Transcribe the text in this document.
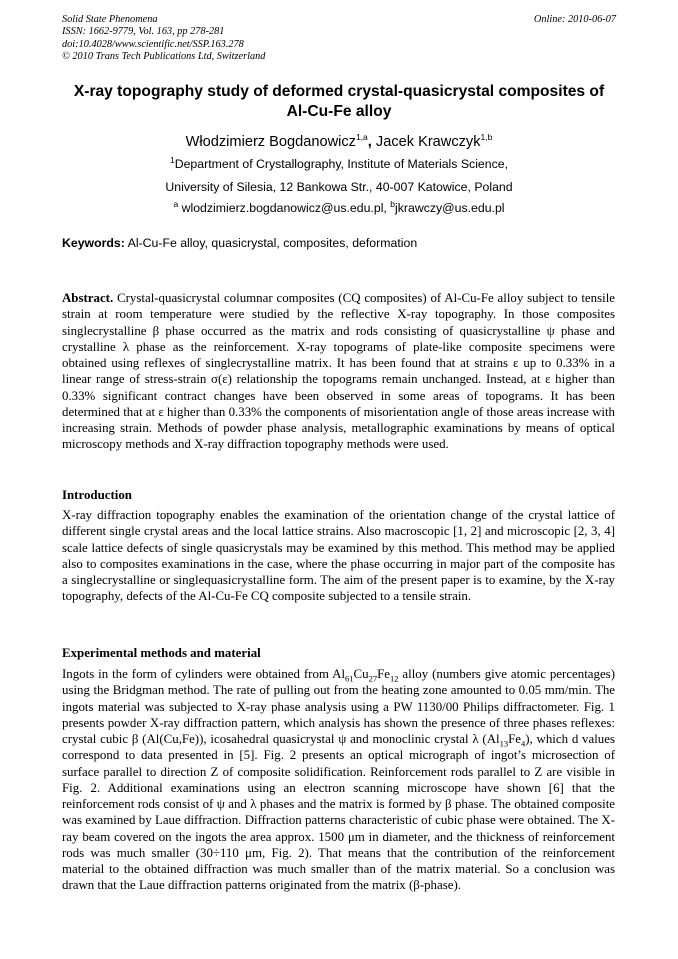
Solid State Phenomena
ISSN: 1662-9779, Vol. 163, pp 278-281
doi:10.4028/www.scientific.net/SSP.163.278
© 2010 Trans Tech Publications Ltd, Switzerland
Online: 2010-06-07
X-ray topography study of deformed crystal-quasicrystal composites of Al-Cu-Fe alloy
Włodzimierz Bogdanowicz$^{1,a}$, Jacek Krawczyk$^{1,b}$
$^1$Department of Crystallography, Institute of Materials Science,
University of Silesia, 12 Bankowa Str., 40-007 Katowice, Poland
$^a$ wlodzimierz.bogdanowicz@us.edu.pl, $^b$jkrawczy@us.edu.pl
Keywords: Al-Cu-Fe alloy, quasicrystal, composites, deformation
Abstract. Crystal-quasicrystal columnar composites (CQ composites) of Al-Cu-Fe alloy subject to tensile strain at room temperature were studied by the reflective X-ray topography. In those composites singlecrystalline β phase occurred as the matrix and rods consisting of quasicrystalline ψ phase and crystalline λ phase as the reinforcement. X-ray topograms of plate-like composite specimens were obtained using reflexes of singlecrystalline matrix. It has been found that at strains ε up to 0.33% in a linear range of stress-strain σ(ε) relationship the topograms remain unchanged. Instead, at ε higher than 0.33% significant contract changes have been observed in some areas of topograms. It has been determined that at ε higher than 0.33% the components of misorientation angle of those areas increase with increasing strain. Methods of powder phase analysis, metallographic examinations by means of optical microscopy methods and X-ray diffraction topography methods were used.
Introduction
X-ray diffraction topography enables the examination of the orientation change of the crystal lattice of different single crystal areas and the local lattice strains. Also macroscopic [1, 2] and microscopic [2, 3, 4] scale lattice defects of single quasicrystals may be examined by this method. This method may be applied also to composites examinations in the case, where the phase occurring in major part of the composite has a singlecrystalline or singlequasicrystalline form. The aim of the present paper is to examine, by the X-ray topography, defects of the Al-Cu-Fe CQ composite subjected to a tensile strain.
Experimental methods and material
Ingots in the form of cylinders were obtained from $Al_{61}Cu_{27}Fe_{12}$ alloy (numbers give atomic percentages) using the Bridgman method. The rate of pulling out from the heating zone amounted to 0.05 mm/min. The ingots material was subjected to X-ray phase analysis using a PW 1130/00 Philips diffractometer. Fig. 1 presents powder X-ray diffraction pattern, which analysis has shown the presence of three phases reflexes: crystal cubic β (Al(Cu,Fe)), icosahedral quasicrystal ψ and monoclinic crystal λ $(Al_{13}Fe_4)$, which d values correspond to data presented in [5]. Fig. 2 presents an optical micrograph of ingot’s microsection of surface parallel to direction Z of composite solidification. Reinforcement rods parallel to Z are visible in Fig. 2. Additional examinations using an electron scanning microscope have shown [6] that the reinforcement rods consist of ψ and λ phases and the matrix is formed by β phase. The obtained composite was examined by Laue diffraction. Diffraction patterns characteristic of cubic phase were obtained. The X-ray beam covered on the ingots the area approx. 1500 μm in diameter, and the thickness of reinforcement rods was much smaller (30÷110 μm, Fig. 2). That means that the contribution of the reinforcement material to the obtained diffraction was much smaller than of the matrix material. So a conclusion was drawn that the Laue diffraction patterns originated from the matrix (β-phase).
